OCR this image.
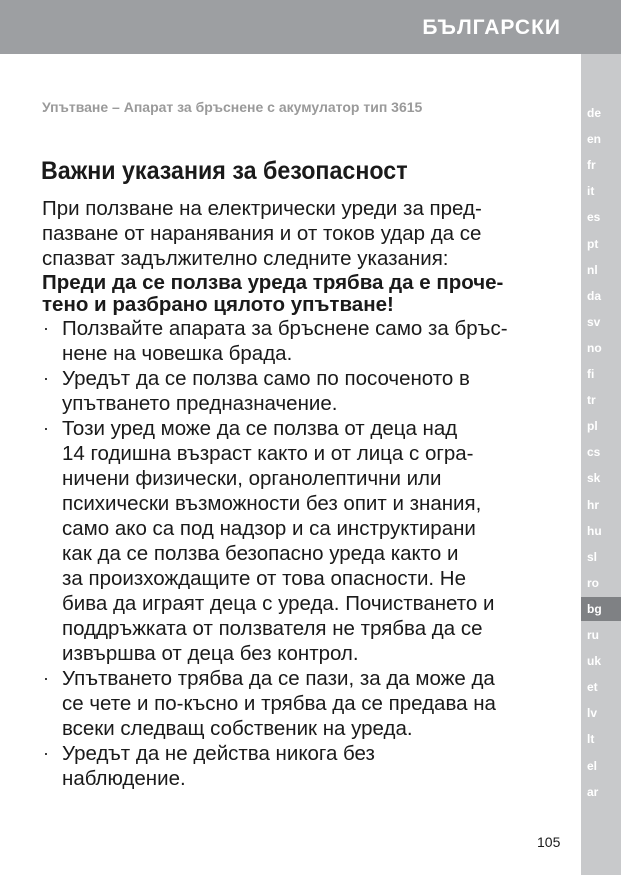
БЪЛГАРСКИ
de
en
fr
it
es
pt
nl
da
sv
no
fi
tr
pl
cs
sk
hr
hu
sl
ro
bg
ru
uk
et
lv
lt
el
ar
Упътване – Апарат за бръснене с акумулатор тип 3615
Важни указания за безопасност

При ползване на електрически уреди за пред-
пазване от наранявания и от токов удар да се
спазват задължително следните указания:

Преди да се ползва уреда трябва да е проче-
тено и разбрано цялото упътване!

· Ползвайте апарата за бръснене само за бръс-
нене на човешка брада.
· Уредът да се ползва само по посоченото в
упътването предназначение.
· Този уред може да се ползва от деца над
14 годишна възраст както и от лица с огра-
ничени физически, органолептични или
психически възможности без опит и знания,
само ако са под надзор и са инструктирани
как да се ползва безопасно уреда както и
за произхождащите от това опасности. Не
бива да играят деца с уреда. Почистването и
поддръжката от ползвателя не трябва да се
извършва от деца без контрол.
· Упътването трябва да се пази, за да може да
се чете и по-късно и трябва да се предава на
всеки следващ собственик на уреда.
· Уредът да не действа никога без
наблюдение.
105
